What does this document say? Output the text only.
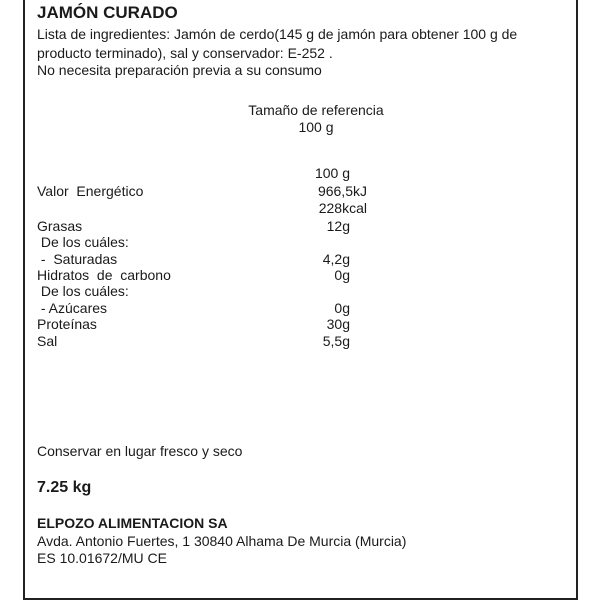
JAMÓN CURADO
Lista de ingredientes: Jamón de cerdo(145 g de jamón para obtener 100 g de
producto terminado), sal y conservador: E-252 .
No necesita preparación previa a su consumo
Tamaño de referencia
100 g
100 g
Valor  Energético	966,5kJ
228kcal
Grasas	12g
De los cuáles:
-  Saturadas	4,2g
Hidratos  de  carbono	0g
De los cuáles:
- Azúcares	0g
Proteínas	30g
Sal	5,5g
Conservar en lugar fresco y seco
7.25 kg
ELPOZO ALIMENTACION SA
Avda. Antonio Fuertes, 1 30840 Alhama De Murcia (Murcia)
ES 10.01672/MU CE
